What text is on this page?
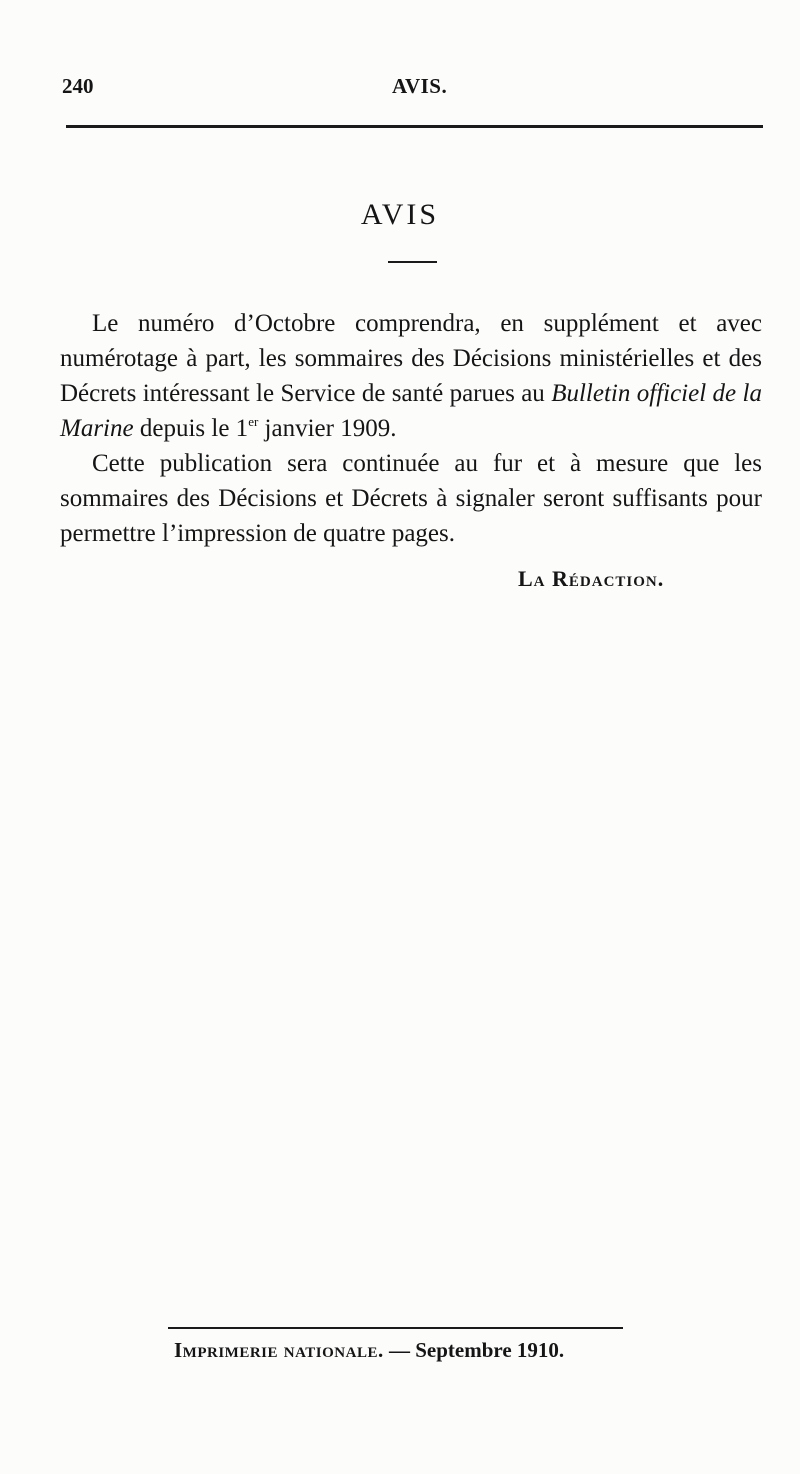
240	AVIS.
AVIS

Le numéro d’Octobre comprendra, en supplément et avec numérotage à part, les sommaires des Décisions ministérielles et des Décrets intéressant le Service de santé parues au Bulletin officiel de la Marine depuis le 1er janvier 1909.

Cette publication sera continuée au fur et à mesure que les sommaires des Décisions et Décrets à signaler seront suffisants pour permettre l’impression de quatre pages.

La Rédaction.
Imprimerie nationale. — Septembre 1910.
